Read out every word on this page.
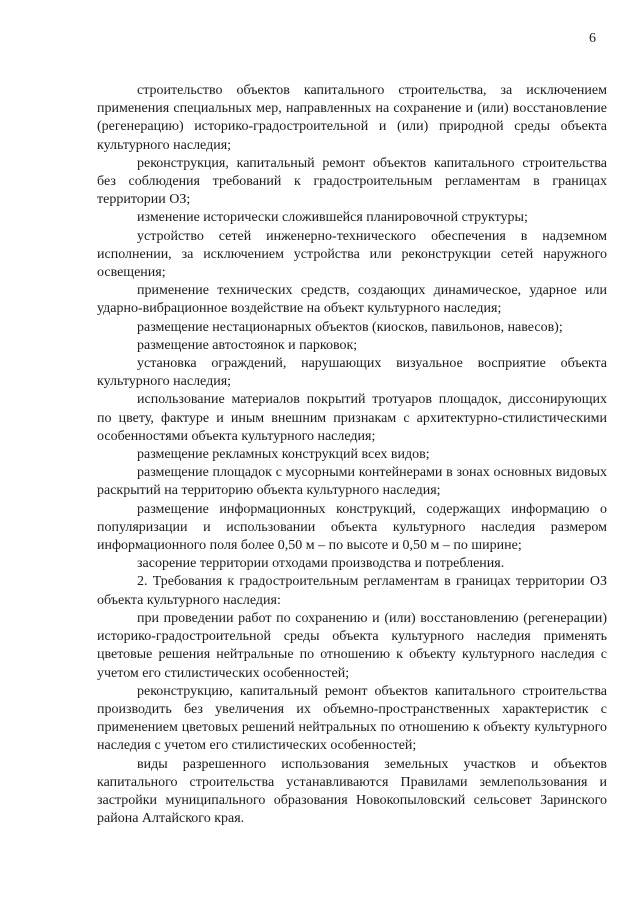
6

строительство объектов капитального строительства, за исключением применения специальных мер, направленных на сохранение и (или) восстановление (регенерацию) историко-градостроительной и (или) природной среды объекта культурного наследия;

реконструкция, капитальный ремонт объектов капитального строительства без соблюдения требований к градостроительным регламентам в границах территории ОЗ;

изменение исторически сложившейся планировочной структуры;

устройство сетей инженерно-технического обеспечения в надземном исполнении, за исключением устройства или реконструкции сетей наружного освещения;

применение технических средств, создающих динамическое, ударное или ударно-вибрационное воздействие на объект культурного наследия;

размещение нестационарных объектов (киосков, павильонов, навесов);

размещение автостоянок и парковок;

установка ограждений, нарушающих визуальное восприятие объекта культурного наследия;

использование материалов покрытий тротуаров площадок, диссонирующих по цвету, фактуре и иным внешним признакам с архитектурно-стилистическими особенностями объекта культурного наследия;

размещение рекламных конструкций всех видов;

размещение площадок с мусорными контейнерами в зонах основных видовых раскрытий на территорию объекта культурного наследия;

размещение информационных конструкций, содержащих информацию о популяризации и использовании объекта культурного наследия размером информационного поля более 0,50 м – по высоте и 0,50 м – по ширине;

засорение территории отходами производства и потребления.

2. Требования к градостроительным регламентам в границах территории ОЗ объекта культурного наследия:

при проведении работ по сохранению и (или) восстановлению (регенерации) историко-градостроительной среды объекта культурного наследия применять цветовые решения нейтральные по отношению к объекту культурного наследия с учетом его стилистических особенностей;

реконструкцию, капитальный ремонт объектов капитального строительства производить без увеличения их объемно-пространственных характеристик с применением цветовых решений нейтральных по отношению к объекту культурного наследия с учетом его стилистических особенностей;

виды разрешенного использования земельных участков и объектов капитального строительства устанавливаются Правилами землепользования и застройки муниципального образования Новокопыловский сельсовет Заринского района Алтайского края.
